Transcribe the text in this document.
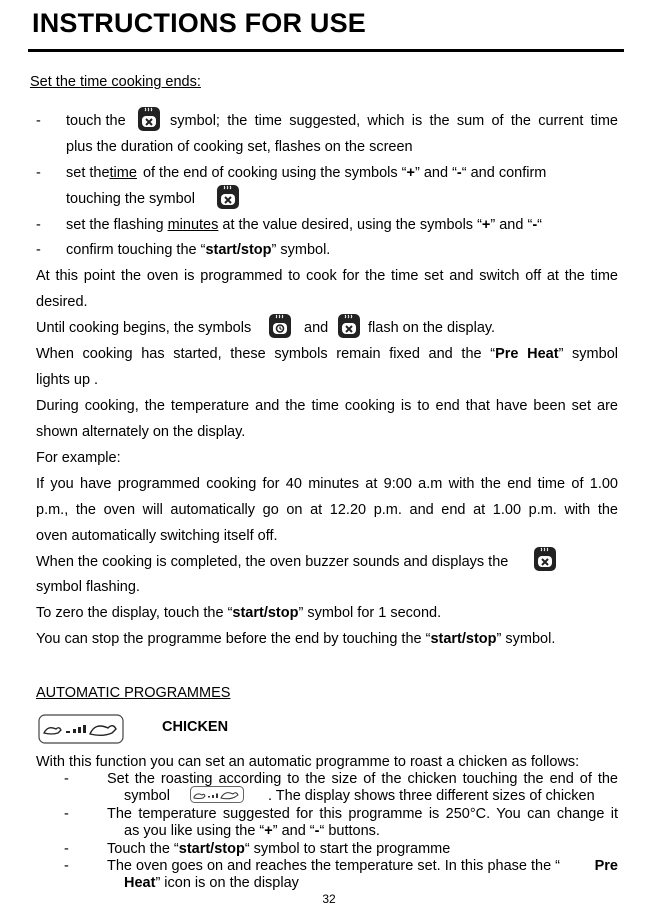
INSTRUCTIONS FOR USE
Set the time cooking ends:
- touch the	symbol; the time suggested, which is the sum of the current time
plus the duration of cooking set, flashes on the screen
- set the time of the end of cooking using the symbols “+” and “-“ and confirm
touching the symbol
- set the flashing minutes at the value desired, using the symbols “+” and “-“
- confirm touching the “start/stop” symbol.
At this point the oven is programmed to cook for the time set and switch off at the time
desired.
Until cooking begins, the symbols	and	flash on the display.
When cooking has started, these symbols remain fixed and the “Pre Heat” symbol
lights up .
During cooking, the temperature and the time cooking is to end that have been set are
shown alternately on the display.
For example:
If you have programmed cooking for 40 minutes at 9:00 a.m with the end time of 1.00
p.m., the oven will automatically go on at 12.20 p.m. and end at 1.00 p.m. with the
oven automatically switching itself off.
When the cooking is completed, the oven buzzer sounds and displays the
symbol flashing.
To zero the display, touch the “start/stop” symbol for 1 second.
You can stop the programme before the end by touching the “start/stop” symbol.
AUTOMATIC PROGRAMMES
CHICKEN
With this function you can set an automatic programme to roast a chicken as follows:
-	Set the roasting according to the size of the chicken touching the end of the
symbol	. The display shows three different sizes of chicken
-	The temperature suggested for this programme is 250°C. You can change it
as you like using the “+” and “-“ buttons.
-	Touch the “start/stop“ symbol to start the programme
-	The oven goes on and reaches the temperature set. In this phase the “ Pre
Heat” icon is on the display
32
